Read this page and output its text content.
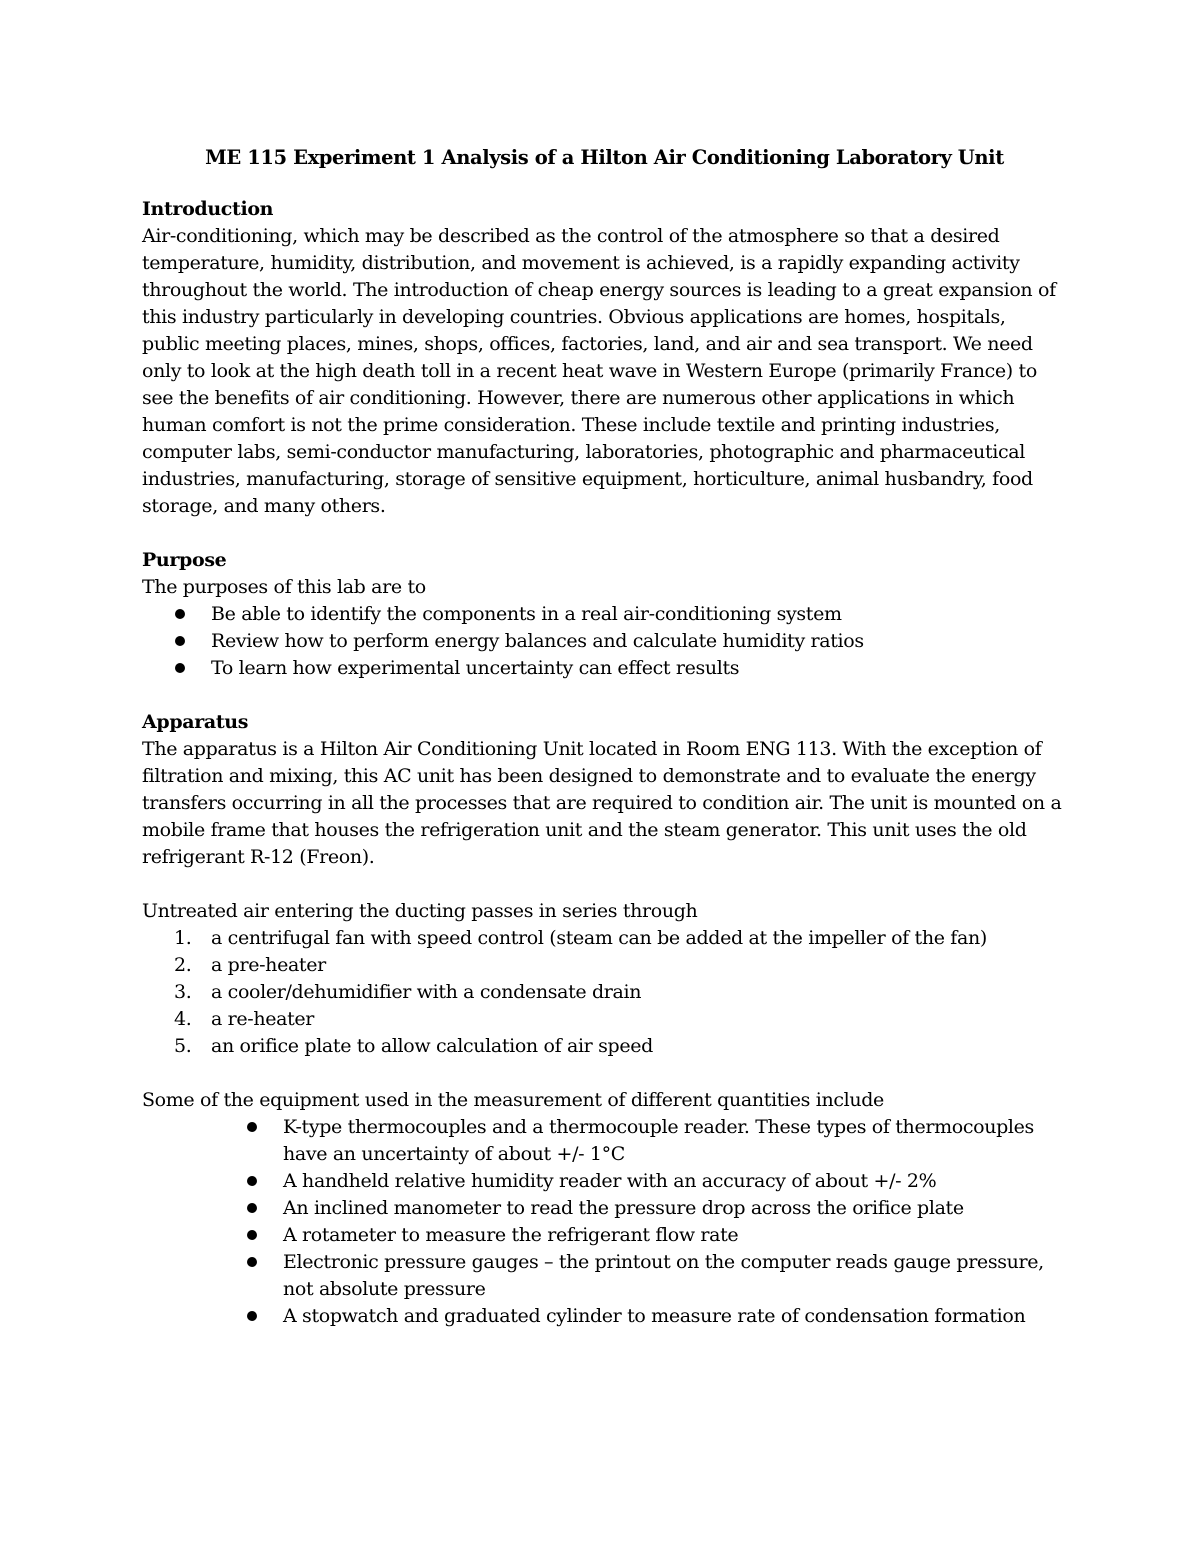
ME 115 Experiment 1 Analysis of a Hilton Air Conditioning Laboratory Unit

Introduction

Air-conditioning, which may be described as the control of the atmosphere so that a desired temperature, humidity, distribution, and movement is achieved, is a rapidly expanding activity throughout the world. The introduction of cheap energy sources is leading to a great expansion of this industry particularly in developing countries. Obvious applications are homes, hospitals, public meeting places, mines, shops, offices, factories, land, and air and sea transport. We need only to look at the high death toll in a recent heat wave in Western Europe (primarily France) to see the benefits of air conditioning. However, there are numerous other applications in which human comfort is not the prime consideration. These include textile and printing industries, computer labs, semi-conductor manufacturing, laboratories, photographic and pharmaceutical industries, manufacturing, storage of sensitive equipment, horticulture, animal husbandry, food storage, and many others.

Purpose

The purposes of this lab are to

Be able to identify the components in a real air-conditioning system
Review how to perform energy balances and calculate humidity ratios
To learn how experimental uncertainty can effect results

Apparatus

The apparatus is a Hilton Air Conditioning Unit located in Room ENG 113. With the exception of filtration and mixing, this AC unit has been designed to demonstrate and to evaluate the energy transfers occurring in all the processes that are required to condition air. The unit is mounted on a mobile frame that houses the refrigeration unit and the steam generator. This unit uses the old refrigerant R-12 (Freon).

Untreated air entering the ducting passes in series through

1. a centrifugal fan with speed control (steam can be added at the impeller of the fan)
2. a pre-heater
3. a cooler/dehumidifier with a condensate drain
4. a re-heater
5. an orifice plate to allow calculation of air speed

Some of the equipment used in the measurement of different quantities include

K-type thermocouples and a thermocouple reader. These types of thermocouples have an uncertainty of about +/- 1°C
A handheld relative humidity reader with an accuracy of about +/- 2%
An inclined manometer to read the pressure drop across the orifice plate
A rotameter to measure the refrigerant flow rate
Electronic pressure gauges – the printout on the computer reads gauge pressure, not absolute pressure
A stopwatch and graduated cylinder to measure rate of condensation formation
